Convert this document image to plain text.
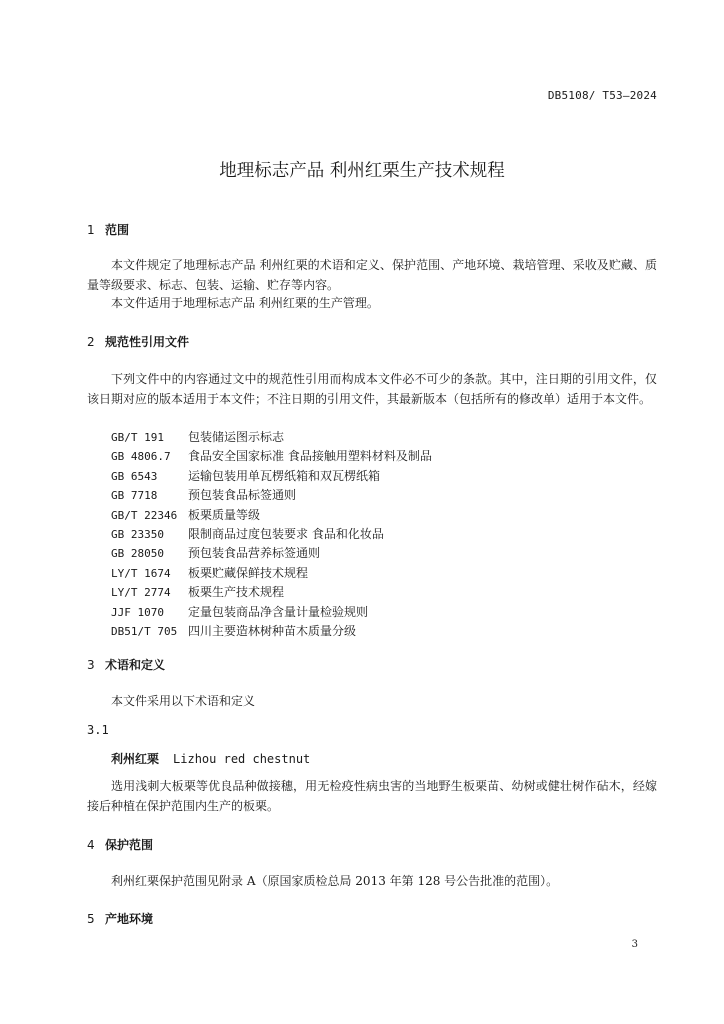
DB5108/ T53—2024
地理标志产品 利州红栗生产技术规程
1 范围
本文件规定了地理标志产品 利州红栗的术语和定义、保护范围、产地环境、栽培管理、采收及贮藏、质量等级要求、标志、包装、运输、贮存等内容。
本文件适用于地理标志产品 利州红栗的生产管理。
2 规范性引用文件
下列文件中的内容通过文中的规范性引用而构成本文件必不可少的条款。其中，注日期的引用文件，仅该日期对应的版本适用于本文件；不注日期的引用文件，其最新版本（包括所有的修改单）适用于本文件。
GB/T 191 包装储运图示标志
GB 4806.7 食品安全国家标准 食品接触用塑料材料及制品
GB 6543	运输包装用单瓦楞纸箱和双瓦楞纸箱
GB 7718	预包装食品标签通则
GB/T 22346 板栗质量等级
GB 23350 限制商品过度包装要求 食品和化妆品
GB 28050 预包装食品营养标签通则
LY/T 1674 板栗贮藏保鲜技术规程
LY/T 2774 板栗生产技术规程
JJF 1070 定量包装商品净含量计量检验规则
DB51/T 705 四川主要造林树种苗木质量分级
3 术语和定义
本文件采用以下术语和定义
3.1
利州红栗 Lizhou red chestnut
选用浅刺大板栗等优良品种做接穗，用无检疫性病虫害的当地野生板栗苗、幼树或健壮树作砧木，经嫁接后种植在保护范围内生产的板栗。
4 保护范围
利州红栗保护范围见附录 A（原国家质检总局 2013 年第 128 号公告批准的范围）。
5 产地环境
3
